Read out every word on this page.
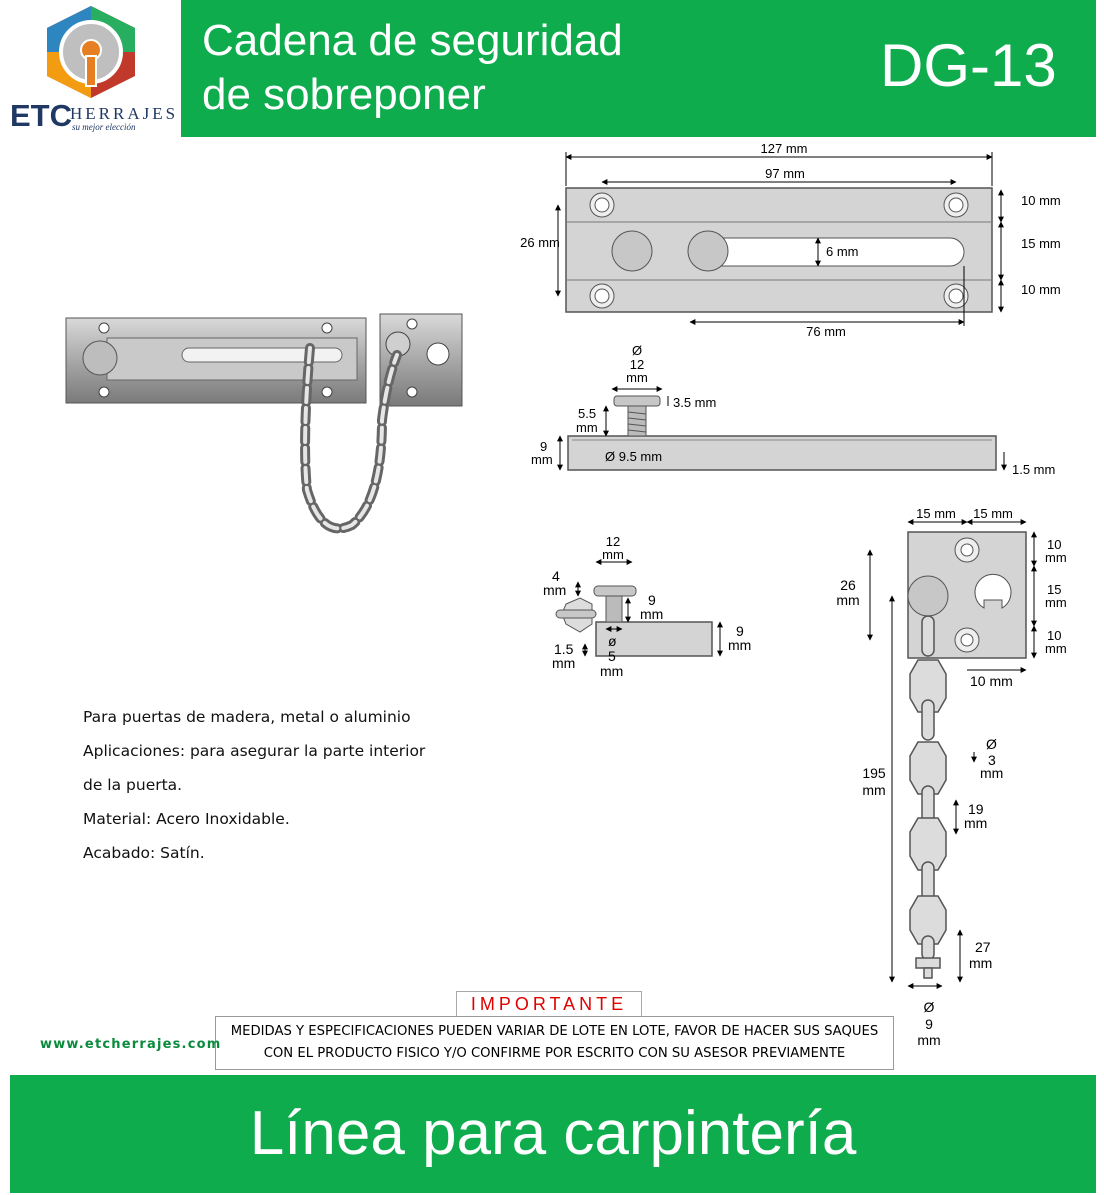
ETC
HERRAJES
su mejor elección
Cadena de seguridad
de sobreponer	DG-13
Para puertas de madera, metal o aluminio
Aplicaciones: para asegurar la parte interior
de la puerta.
Material: Acero Inoxidable.
Acabado: Satín.
127 mm
97 mm
6 mm
76 mm
26 mm
10 mm
15 mm
10 mm
Ø
12
mm
3.5 mm
5.5
mm
Ø 9.5 mm
9
mm
1.5 mm
12
mm
4
mm
9
mm
9
mm
1.5
mm
ø
5
mm
15 mm 15 mm
26
mm
10
mm
15
mm
10
mm
10 mm
195
mm
Ø
3
mm
19
mm
27
mm
Ø
9
mm
IMPORTANTE
MEDIDAS Y ESPECIFICACIONES PUEDEN VARIAR DE LOTE EN LOTE, FAVOR DE HACER SUS SAQUES
CON EL PRODUCTO FISICO Y/O CONFIRME POR ESCRITO CON SU ASESOR PREVIAMENTE
www.etcherrajes.com
Línea para carpintería
